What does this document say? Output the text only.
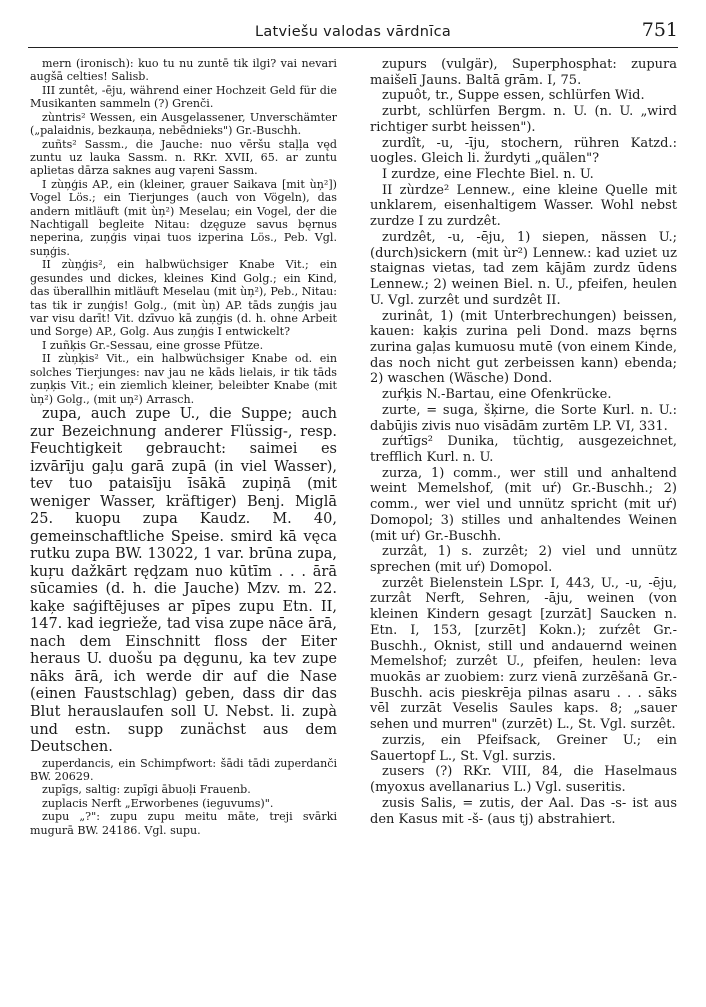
Latviešu valodas vārdnīca	751

mern (ironisch): kuo tu nu zuntē tik ilgi? vai nevari augšā celties! Salisb.

III zuntêt, -ēju, während einer Hochzeit Geld für die Musikanten sammeln (?) Grenči.

zùntris² Wessen, ein Ausgelassener, Unverschämter („palaidnis, bezkauņa, nebēdnieks") Gr.-Buschh.

zuñts² Sassm., die Jauche: nuo vēršu staļļa vęd zuntu uz lauka Sassm. n. RKr. XVII, 65. ar zuntu aplietas dārza saknes aug vaŗeni Sassm.

I zùņģis AP., ein (kleiner, grauer Saikava [mit ùņ²]) Vogel Lös.; ein Tierjunges (auch von Vögeln), das andern mitläuft (mit ùņ²) Meselau; ein Vogel, der die Nachtigall begleite Nitau: dzęguze savus bęrnus neperina, zuņģis viņai tuos izperina Lös., Peb. Vgl. suņģis.

II zùņģis², ein halbwüchsiger Knabe Vit.; ein gesundes und dickes, kleines Kind Golg.; ein Kind, das überallhin mitläuft Meselau (mit ùņ²), Peb., Nitau: tas tik ir zuņģis! Golg., (mit ùņ) AP. tāds zuņģis jau var visu darīt! Vit. dzīvuo kā zuņģis (d. h. ohne Arbeit und Sorge) AP., Golg. Aus zuņģis I entwickelt?

I zuñķis Gr.-Sessau, eine grosse Pfütze.

II zùņķis² Vit., ein halbwüchsiger Knabe od. ein solches Tierjunges: nav jau ne kāds lielais, ir tik tāds zuņķis Vit.; ein ziemlich kleiner, beleibter Knabe (mit ùņ²) Golg., (mit uņ²) Arrasch.

zupa, auch zupe U., die Suppe; auch zur Bezeichnung anderer Flüssig-, resp. Feuchtigkeit gebraucht: saimei es izvārīju gaļu garā zupā (in viel Wasser), tev tuo pataisīju īsākā zupiņā (mit weniger Wasser, kräftiger) Benj. Miglā 25. kuopu zupa Kaudz. M. 40, gemeinschaftliche Speise. smird kā vęca rutku zupa BW. 13022, 1 var. brūna zupa, kuŗu dažkārt ręḑzam nuo kūtīm . . . ārā sūcamies (d. h. die Jauche) Mzv. m. 22. kaķe saģiftējuses ar pīpes zupu Etn. II, 147. kad iegrieže, tad visa zupe nāce ārā, nach dem Einschnitt floss der Eiter heraus U. duošu pa dęgunu, ka tev zupe nāks ārā, ich werde dir auf die Nase (einen Faustschlag) geben, dass dir das Blut herauslaufen soll U. Nebst. li. zupà und estn. supp zunächst aus dem Deutschen.

zuperdancis, ein Schimpfwort: šādi tādi zuperdanči BW. 20629.

zupīgs, saltig: zupīgi ābuoļi Frauenb.

zuplacis Nerft „Erworbenes (ieguvums)".

zupu „?": zupu zupu meitu māte, treji svārki mugurā BW. 24186. Vgl. supu.

zupurs (vulgär), Superphosphat: zupura maišelī Jauns. Baltā grām. I, 75.

zupuôt, tr., Suppe essen, schlürfen Wid.

zurbt, schlürfen Bergm. n. U. (n. U. „wird richtiger surbt heissen").

zurdît, -u, -īju, stochern, rühren Katzd.: uogles. Gleich li. žurdyti „quälen"?

I zurdze, eine Flechte Biel. n. U.

II zùrdze² Lennew., eine kleine Quelle mit unklarem, eisenhaltigem Wasser. Wohl nebst zurdze I zu zurdzêt.

zurdzêt, -u, -ēju, 1) siepen, nässen U.; (durch)sickern (mit ùr²) Lennew.: kad uziet uz staignas vietas, tad zem kājām zurdz ūdens Lennew.; 2) weinen Biel. n. U., pfeifen, heulen U. Vgl. zurzêt und surdzêt II.

zurinât, 1) (mit Unterbrechungen) beissen, kauen: kaķis zurina peli Dond. mazs bęrns zurina gaļas kumuosu mutē (von einem Kinde, das noch nicht gut zerbeissen kann) ebenda; 2) waschen (Wäsche) Dond.

zuŕķis N.-Bartau, eine Ofenkrücke.

zurte, = suga, šķirne, die Sorte Kurl. n. U.: dabūjis zivis nuo visādām zurtēm LP. VI, 331.

zuŕtīgs² Dunika, tüchtig, ausgezeichnet, trefflich Kurl. n. U.

zurza, 1) comm., wer still und anhaltend weint Memelshof, (mit uŕ) Gr.-Buschh.; 2) comm., wer viel und unnütz spricht (mit uŕ) Domopol; 3) stilles und anhaltendes Weinen (mit uŕ) Gr.-Buschh.

zurzât, 1) s. zurzêt; 2) viel und unnütz sprechen (mit uŕ) Domopol.

zurzêt Bielenstein LSpr. I, 443, U., -u, -ēju, zurzât Nerft, Sehren, -āju, weinen (von kleinen Kindern gesagt [zurzāt] Saucken n. Etn. I, 153, [zurzēt] Kokn.); zuŕzêt Gr.-Buschh., Oknist, still und andauernd weinen Memelshof; zurzêt U., pfeifen, heulen: leva muokās ar zuobiem: zurz vienā zurzēšanā Gr.-Buschh. acis pieskrēja pilnas asaru . . . sāks vēl zurzāt Veselis Saules kaps. 8; „sauer sehen und murren" (zurzēt) L., St. Vgl. surzêt.

zurzis, ein Pfeifsack, Greiner U.; ein Sauertopf L., St. Vgl. surzis.

zusers (?) RKr. VIII, 84, die Haselmaus (myoxus avellanarius L.) Vgl. suseritis.

zusis Salis, = zutis, der Aal. Das -s- ist aus den Kasus mit -š- (aus tj) abstrahiert.
